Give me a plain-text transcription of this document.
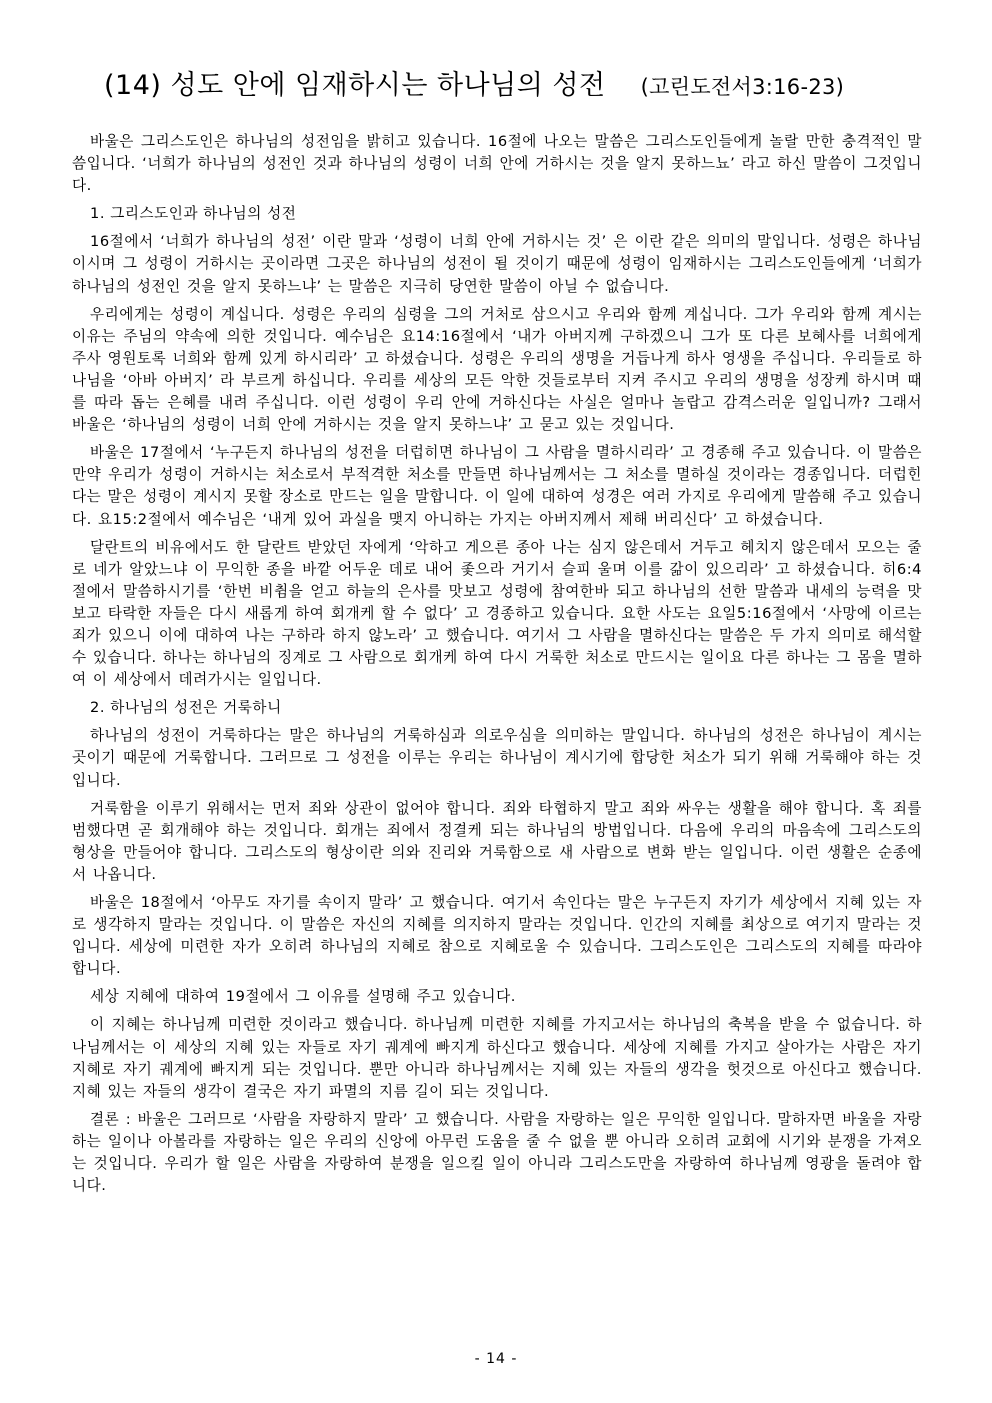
(14) 성도 안에 임재하시는 하나님의 성전 (고린도전서3:16-23)

바울은 그리스도인은 하나님의 성전임을 밝히고 있습니다. 16절에 나오는 말씀은 그리스도인들에게 놀랄 만한 충격적인 말씀입니다. ‘너희가 하나님의 성전인 것과 하나님의 성령이 너희 안에 거하시는 것을 알지 못하느뇨’ 라고 하신 말씀이 그것입니다.

1. 그리스도인과 하나님의 성전

16절에서 ‘너희가 하나님의 성전’ 이란 말과 ‘성령이 너희 안에 거하시는 것’ 은 이란 같은 의미의 말입니다. 성령은 하나님이시며 그 성령이 거하시는 곳이라면 그곳은 하나님의 성전이 될 것이기 때문에 성령이 임재하시는 그리스도인들에게 ‘너희가 하나님의 성전인 것을 알지 못하느냐’ 는 말씀은 지극히 당연한 말씀이 아닐 수 없습니다.

우리에게는 성령이 계십니다. 성령은 우리의 심령을 그의 거처로 삼으시고 우리와 함께 계십니다. 그가 우리와 함께 계시는 이유는 주님의 약속에 의한 것입니다. 예수님은 요14:16절에서 ‘내가 아버지께 구하겠으니 그가 또 다른 보혜사를 너희에게 주사 영원토록 너희와 함께 있게 하시리라’ 고 하셨습니다. 성령은 우리의 생명을 거듭나게 하사 영생을 주십니다. 우리들로 하나님을 ‘아바 아버지’ 라 부르게 하십니다. 우리를 세상의 모든 악한 것들로부터 지켜 주시고 우리의 생명을 성장케 하시며 때를 따라 돕는 은혜를 내려 주십니다. 이런 성령이 우리 안에 거하신다는 사실은 얼마나 놀랍고 감격스러운 일입니까? 그래서 바울은 ‘하나님의 성령이 너희 안에 거하시는 것을 알지 못하느냐’ 고 묻고 있는 것입니다.

바울은 17절에서 ‘누구든지 하나님의 성전을 더럽히면 하나님이 그 사람을 멸하시리라’ 고 경종해 주고 있습니다. 이 말씀은 만약 우리가 성령이 거하시는 처소로서 부적격한 처소를 만들면 하나님께서는 그 처소를 멸하실 것이라는 경종입니다. 더럽힌다는 말은 성령이 계시지 못할 장소로 만드는 일을 말합니다. 이 일에 대하여 성경은 여러 가지로 우리에게 말씀해 주고 있습니다. 요15:2절에서 예수님은 ‘내게 있어 과실을 맺지 아니하는 가지는 아버지께서 제해 버리신다’ 고 하셨습니다.

달란트의 비유에서도 한 달란트 받았던 자에게 ‘악하고 게으른 종아 나는 심지 않은데서 거두고 헤치지 않은데서 모으는 줄로 네가 알았느냐 이 무익한 종을 바깥 어두운 데로 내어 좇으라 거기서 슬피 울며 이를 갊이 있으리라’ 고 하셨습니다. 히6:4절에서 말씀하시기를 ‘한번 비췸을 얻고 하늘의 은사를 맛보고 성령에 참여한바 되고 하나님의 선한 말씀과 내세의 능력을 맛보고 타락한 자들은 다시 새롭게 하여 회개케 할 수 없다’ 고 경종하고 있습니다. 요한 사도는 요일5:16절에서 ‘사망에 이르는 죄가 있으니 이에 대하여 나는 구하라 하지 않노라’ 고 했습니다. 여기서 그 사람을 멸하신다는 말씀은 두 가지 의미로 해석할 수 있습니다. 하나는 하나님의 징계로 그 사람으로 회개케 하여 다시 거룩한 처소로 만드시는 일이요 다른 하나는 그 몸을 멸하여 이 세상에서 데려가시는 일입니다.

2. 하나님의 성전은 거룩하니

하나님의 성전이 거룩하다는 말은 하나님의 거룩하심과 의로우심을 의미하는 말입니다. 하나님의 성전은 하나님이 계시는 곳이기 때문에 거룩합니다. 그러므로 그 성전을 이루는 우리는 하나님이 계시기에 합당한 처소가 되기 위해 거룩해야 하는 것입니다.

거룩함을 이루기 위해서는 먼저 죄와 상관이 없어야 합니다. 죄와 타협하지 말고 죄와 싸우는 생활을 해야 합니다. 혹 죄를 범했다면 곧 회개해야 하는 것입니다. 회개는 죄에서 정결케 되는 하나님의 방법입니다. 다음에 우리의 마음속에 그리스도의 형상을 만들어야 합니다. 그리스도의 형상이란 의와 진리와 거룩함으로 새 사람으로 변화 받는 일입니다. 이런 생활은 순종에서 나옵니다.

바울은 18절에서 ‘아무도 자기를 속이지 말라’ 고 했습니다. 여기서 속인다는 말은 누구든지 자기가 세상에서 지혜 있는 자로 생각하지 말라는 것입니다. 이 말씀은 자신의 지혜를 의지하지 말라는 것입니다. 인간의 지혜를 최상으로 여기지 말라는 것입니다. 세상에 미련한 자가 오히려 하나님의 지혜로 참으로 지혜로울 수 있습니다. 그리스도인은 그리스도의 지혜를 따라야 합니다.

세상 지혜에 대하여 19절에서 그 이유를 설명해 주고 있습니다.

이 지혜는 하나님께 미련한 것이라고 했습니다. 하나님께 미련한 지혜를 가지고서는 하나님의 축복을 받을 수 없습니다. 하나님께서는 이 세상의 지혜 있는 자들로 자기 궤계에 빠지게 하신다고 했습니다. 세상에 지혜를 가지고 살아가는 사람은 자기 지혜로 자기 궤계에 빠지게 되는 것입니다. 뿐만 아니라 하나님께서는 지혜 있는 자들의 생각을 헛것으로 아신다고 했습니다. 지혜 있는 자들의 생각이 결국은 자기 파멸의 지름 길이 되는 것입니다.

결론 : 바울은 그러므로 ‘사람을 자랑하지 말라’ 고 했습니다. 사람을 자랑하는 일은 무익한 일입니다. 말하자면 바울을 자랑하는 일이나 아볼라를 자랑하는 일은 우리의 신앙에 아무런 도움을 줄 수 없을 뿐 아니라 오히려 교회에 시기와 분쟁을 가져오는 것입니다. 우리가 할 일은 사람을 자랑하여 분쟁을 일으킬 일이 아니라 그리스도만을 자랑하여 하나님께 영광을 돌려야 합니다.

- 14 -
